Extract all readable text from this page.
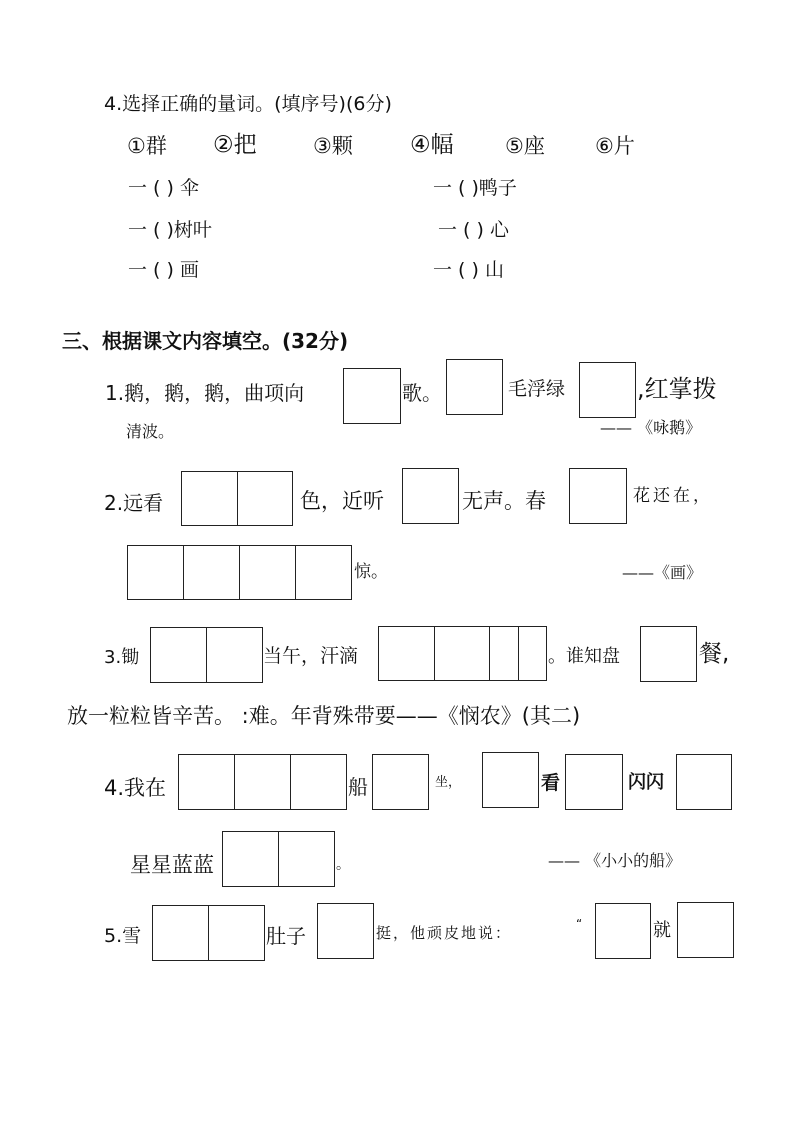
4.选择正确的量词。(填序号)(6分)
①群 ②把	③颗 ④幅 ⑤座 ⑥片
一 ( ) 伞	一 ( )鸭子
一 ( )树叶	一 ( ) 心
一 ( ) 画	一 ( ) 山
三、根据课文内容填空。(32分)
1.鹅，鹅，鹅，曲项向	歌。	毛浮绿	,红掌拨
清波。	—— 《咏鹅》
2.远看	色，近听	无声。春	花还在，
惊。	——《画》
3.锄	当午，汗滴	。谁知盘	餐,
放一粒粒皆辛苦。 :难。年背殊带要——《悯农》(其二)
4.我在	船	坐，	看	闪闪
星星蓝蓝	。	—— 《小小的船》
5.雪	肚子	挺，他顽皮地说：	“	就
